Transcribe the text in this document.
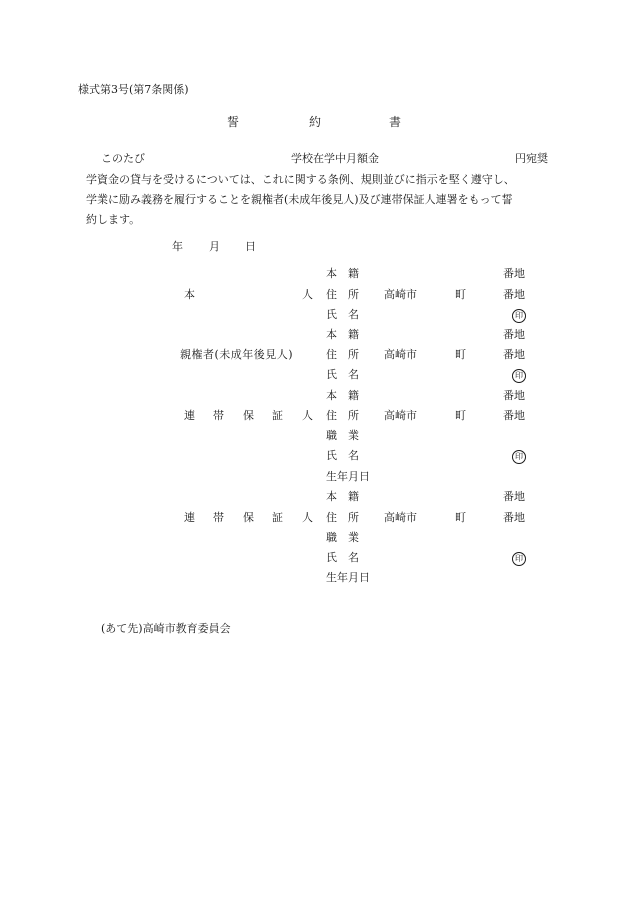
様式第3号(第7条関係)
誓	約	書
このたび	学校在学中月額金	円宛奨
学資金の貸与を受けるについては、これに関する条例、規則並びに指示を堅く遵守し、
学業に励み義務を履行することを親権者(未成年後見人)及び連帯保証人連署をもって誓
約します。
年 月 日
本　籍	番地
本	人 住　所 高崎市	町	番地
氏　名	印
本　籍	番地
親権者(未成年後見人)	住　所 高崎市	町	番地
氏　名	印
本　籍	番地
連 帯 保 証 人 住　所 高崎市	町	番地
職　業
氏　名	印
生年月日
本　籍	番地
連 帯 保 証 人 住　所 高崎市	町	番地
職　業
氏　名	印
生年月日
(あて先)高崎市教育委員会
